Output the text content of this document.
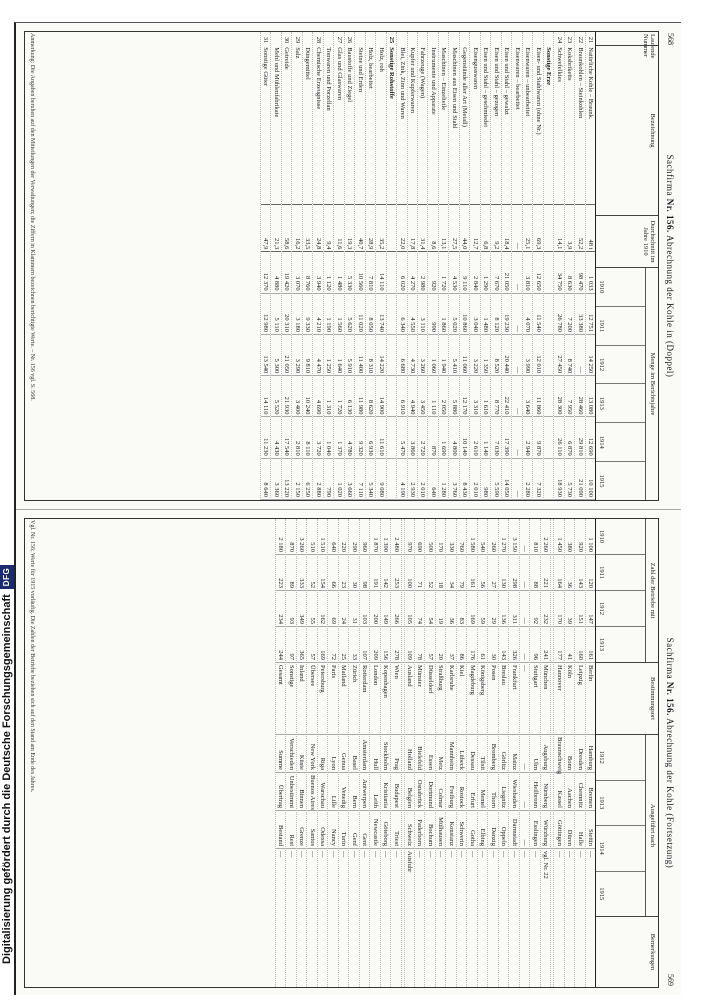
Digitalisierung gefördert durch die Deutsche ForschungsgemeinschaftDFG
568
Sachfirma Nr. 156. Abrechnung der Kohle in (Doppel)
Laufende Nummer
Bezeichnung
Durchschnitt im Jahre 1910
Menge im Berichtsjahre
1910
1911
1912
1913
1914
1915
21
Natürliche Kohle – Braunk.
48 t
1 033
12 751
14 250
13 080
12 690
10 100
22
Braunkohlen – Steinkohlen
52,2
98 470
33 380
—
28 460
29 810
21 090
23
Koksbriketts
3,9
8 630
7 200
8 740
7 950
6 870
5 730
24
Schwefelkies
14,1
34 750
26 780
27 450
28 300
26 110
18 930
Sonstige Erze
Eisen- und Stahlwaren (ohne Nr.)
69,3
12 650
11 540
12 010
11 860
9 870
7 320
Eisenwaren – unbearbeitet
25,1
3 810
4 070
3 990
3 640
2 940
2 280
Eisenwaren – bearbeitet
—
—
—
—
—
—
—
Eisen und Stahl – gewalzt
18,4
21 050
19 230
20 440
22 410
17 390
14 050
Eisen und Stahl – gezogen
9,2
7 670
8 120
8 520
8 770
7 030
5 590
Eisen und Stahl – geschmiedet
6,8
1 290
1 480
1 350
1 610
1 140
980
Eisengusswaren
12,7
2 840
3 040
3 220
3 310
2 610
2 010
Gegenstände aller Art (Metall)
44,0
9 110
10 860
11 060
12 170
10 140
8 430
Maschinen aus Eisen und Stahl
27,5
4 530
5 020
5 410
5 880
4 800
3 760
Maschinen – Einzelteile
13,1
1 720
1 860
1 940
2 050
1 690
1 280
Instrumente und Apparate
8,6
920
990
1 060
1 110
870
640
Fahrzeuge (Wagen)
31,4
2 980
3 110
3 260
3 450
2 720
2 010
Kupfer und Kupferwaren
17,8
4 270
4 550
4 730
4 940
3 860
2 930
Blei, Zink, Zinn und Waren
22,0
6 020
6 340
6 680
6 910
5 470
4 190
25
Sonstige Rohstoffe
Holz, roh
35,2
14 110
13 740
14 220
14 900
11 610
9 080
Holz, bearbeitet
28,9
7 810
8 050
8 310
8 620
6 930
5 340
Steine und Erden
40,7
10 560
11 020
11 400
11 980
9 320
7 110
26
Baustoffe und Ziegel
19,3
5 330
5 620
5 910
6 130
4 780
3 660
27
Glas und Glaswaren
11,6
1 480
1 560
1 640
1 720
1 370
1 020
Tonwaren und Porzellan
9,4
1 120
1 190
1 250
1 310
1 040
790
28
Chemische Erzeugnisse
24,8
3 940
4 210
4 470
4 690
3 720
2 880
Düngemittel
33,5
8 760
9 330
9 810
10 240
8 110
6 250
29
Salz
16,2
3 070
3 180
3 290
3 400
2 810
2 150
30
Getreide
58,6
19 420
20 310
21 050
21 930
17 540
13 220
Mehl und Mühlenfabrikate
21,3
4 880
5 110
5 300
5 520
4 430
3 360
31
Sonstige Güter
47,9
12 370
12 980
13 540
14 110
11 230
8 640
Anmerkung: Die Angaben beruhen auf den Mitteilungen der Verwaltungen; die Ziffern in Klammern bezeichnen berichtigte Werte. – Nr. 156 vgl. S. 568.
569
Sachfirma Nr. 156. Abrechnung der Kohle (Fortsetzung)
Zahl der Betriebe mit
1910
1911
1912
1913
Bestimmungsort
Ausgeführt nach
1912
1913
1914
1915
Bemerkungen
1 100
120
147
161
Berlin
Hamburg
Bremen
Stettin
—
920
143
151
160
Leipzig
Dresden
Chemnitz
Halle
—
380
36
39
41
Köln
Bonn
Aachen
Düren
—
1 450
164
170
177
Hannover
Braunschweig
Kassel
Göttingen
—
2 260
221
232
241
München
Augsburg
Nürnberg
Würzburg
vgl. Nr. 22
810
88
92
96
Stuttgart
Ulm
Heilbronn
Esslingen
—
—
—
—
—
—
—
—
—
—
3 150
298
311
326
Frankfurt
Mainz
Wiesbaden
Darmstadt
—
1 270
130
136
143
Breslau
Görlitz
Liegnitz
Oppeln
—
260
27
29
30
Posen
Bromberg
Thorn
Danzig
—
540
56
59
61
Königsberg
Tilsit
Memel
Elbing
—
1 580
161
169
176
Magdeburg
Dessau
Erfurt
Gotha
—
760
79
83
86
Kiel
Lübeck
Rostock
Schwerin
—
330
34
36
37
Karlsruhe
Mannheim
Freiburg
Konstanz
—
170
18
19
20
Straßburg
Metz
Colmar
Mülhausen
—
500
52
54
57
Düsseldorf
Essen
Dortmund
Bochum
—
690
71
74
78
Münster
Bielefeld
Osnabrück
Paderborn
—
970
100
105
109
Ausland
Holland
Belgien
Schweiz
Ausfuhr
2 480
253
266
278
Wien
Prag
Budapest
Triest
—
1 390
142
149
156
Kopenhagen
Stockholm
Kristiania
Göteborg
—
1 870
191
200
209
London
Hull
Leith
Newcastle
—
960
98
103
107
Rotterdam
Amsterdam
Antwerpen
Gent
—
290
30
31
33
Zürich
Basel
Bern
Genf
—
220
23
24
25
Mailand
Genua
Venedig
Turin
—
640
66
69
72
Paris
Lyon
Lille
Nancy
—
1 510
154
162
169
Petersburg
Riga
Warschau
Odessa
—
510
52
55
57
Übersee
New York
Buenos Aires
Santos
—
3 260
333
349
365
Inland
Küste
Binnen
Grenze
—
870
89
93
97
Sonstige
Verschieden
Unbestimmt
Rest
—
2 180
223
234
244
Gesamt
Summe
Übertrag
Bestand
—
Vgl. Nr. 156; Werte für 1915 vorläufig. Die Zahlen der Betriebe beziehen sich auf den Stand am Ende des Jahres.
